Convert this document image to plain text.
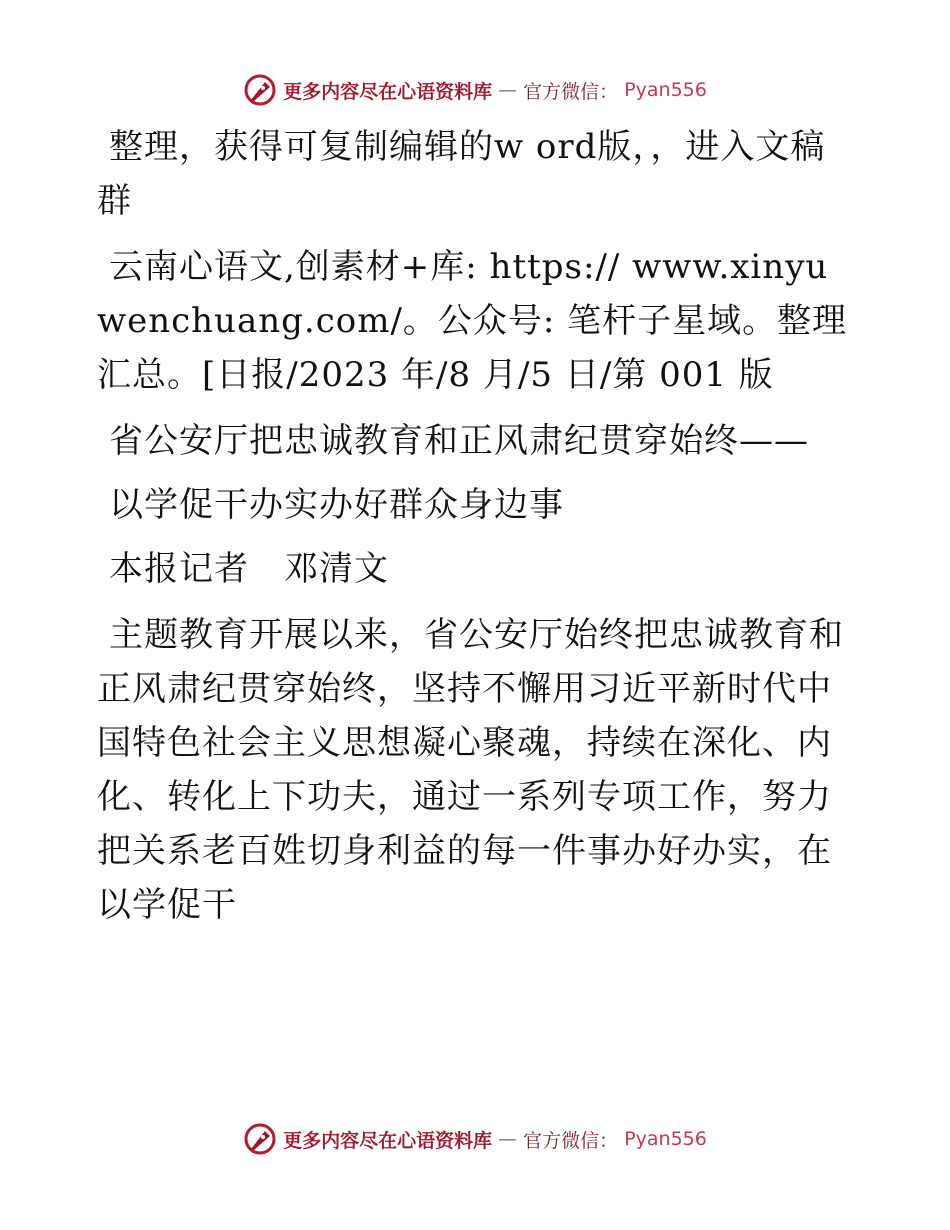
更多内容尽在心语资料库 — 官方微信： Pyan556

整理，获得可复制编辑的w ord版，，进入文稿群

云南心语文,创素材+库: https:// www.xinyuwenchuang.com/。公众号: 笔杆子星域。整理汇总。[日报/2023 年/8 月/5 日/第 001 版

省公安厅把忠诚教育和正风肃纪贯穿始终——

以学促干办实办好群众身边事

本报记者　邓清文

主题教育开展以来，省公安厅始终把忠诚教育和正风肃纪贯穿始终，坚持不懈用习近平新时代中国特色社会主义思想凝心聚魂，持续在深化、内化、转化上下功夫，通过一系列专项工作，努力把关系老百姓切身利益的每一件事办好办实，在以学促干

更多内容尽在心语资料库 — 官方微信： Pyan556
